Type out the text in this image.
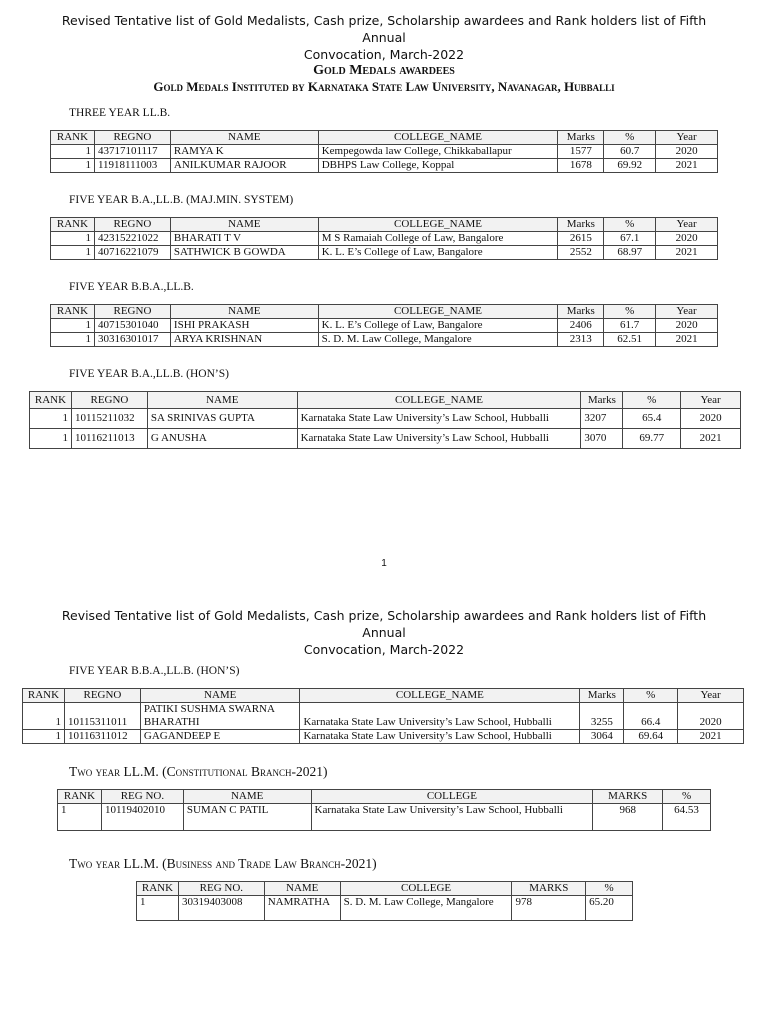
Revised Tentative list of Gold Medalists, Cash prize, Scholarship awardees and Rank holders list of Fifth Annual
Convocation, March-2022
Gold Medals awardees
Gold Medals Instituted by Karnataka State Law University, Navanagar, Hubballi
THREE YEAR LL.B.
RANK	REGNO	NAME	COLLEGE_NAME	Marks	%	Year
1	43717101117	RAMYA K	Kempegowda law College, Chikkaballapur	1577	60.7	2020
1	11918111003	ANILKUMAR RAJOOR	DBHPS Law College, Koppal	1678	69.92	2021
FIVE YEAR B.A.,LL.B. (MAJ.MIN. SYSTEM)
RANK	REGNO	NAME	COLLEGE_NAME	Marks	%	Year
1	42315221022	BHARATI T V	M S Ramaiah College of Law, Bangalore	2615	67.1	2020
1	40716221079	SATHWICK B GOWDA	K. L. E’s College of Law, Bangalore	2552	68.97	2021
FIVE YEAR B.B.A.,LL.B.
RANK	REGNO	NAME	COLLEGE_NAME	Marks	%	Year
1	40715301040	ISHI PRAKASH	K. L. E’s College of Law, Bangalore	2406	61.7	2020
1	30316301017	ARYA KRISHNAN	S. D. M. Law College, Mangalore	2313	62.51	2021
FIVE YEAR B.A.,LL.B. (HON’S)
RANK	REGNO	NAME	COLLEGE_NAME	Marks	%	Year
1	10115211032	SA SRINIVAS GUPTA	Karnataka State Law University’s Law School, Hubballi	3207	65.4	2020
1	10116211013	G ANUSHA	Karnataka State Law University’s Law School, Hubballi	3070	69.77	2021
1
Revised Tentative list of Gold Medalists, Cash prize, Scholarship awardees and Rank holders list of Fifth Annual
Convocation, March-2022
FIVE YEAR B.B.A.,LL.B. (HON’S)
RANK	REGNO	NAME	COLLEGE_NAME	Marks	%	Year
1	10115311011	PATIKI SUSHMA SWARNA BHARATHI	Karnataka State Law University’s Law School, Hubballi	3255	66.4	2020
1	10116311012	GAGANDEEP E	Karnataka State Law University’s Law School, Hubballi	3064	69.64	2021
Two year LL.M. (Constitutional Branch-2021)
RANK	REG NO.	NAME	COLLEGE	MARKS	%
1	10119402010	SUMAN C PATIL	Karnataka State Law University’s Law School, Hubballi	968	64.53
Two year LL.M. (Business and Trade Law Branch-2021)
RANK	REG NO.	NAME	COLLEGE	MARKS	%
1	30319403008	NAMRATHA	S. D. M. Law College, Mangalore	978	65.20
